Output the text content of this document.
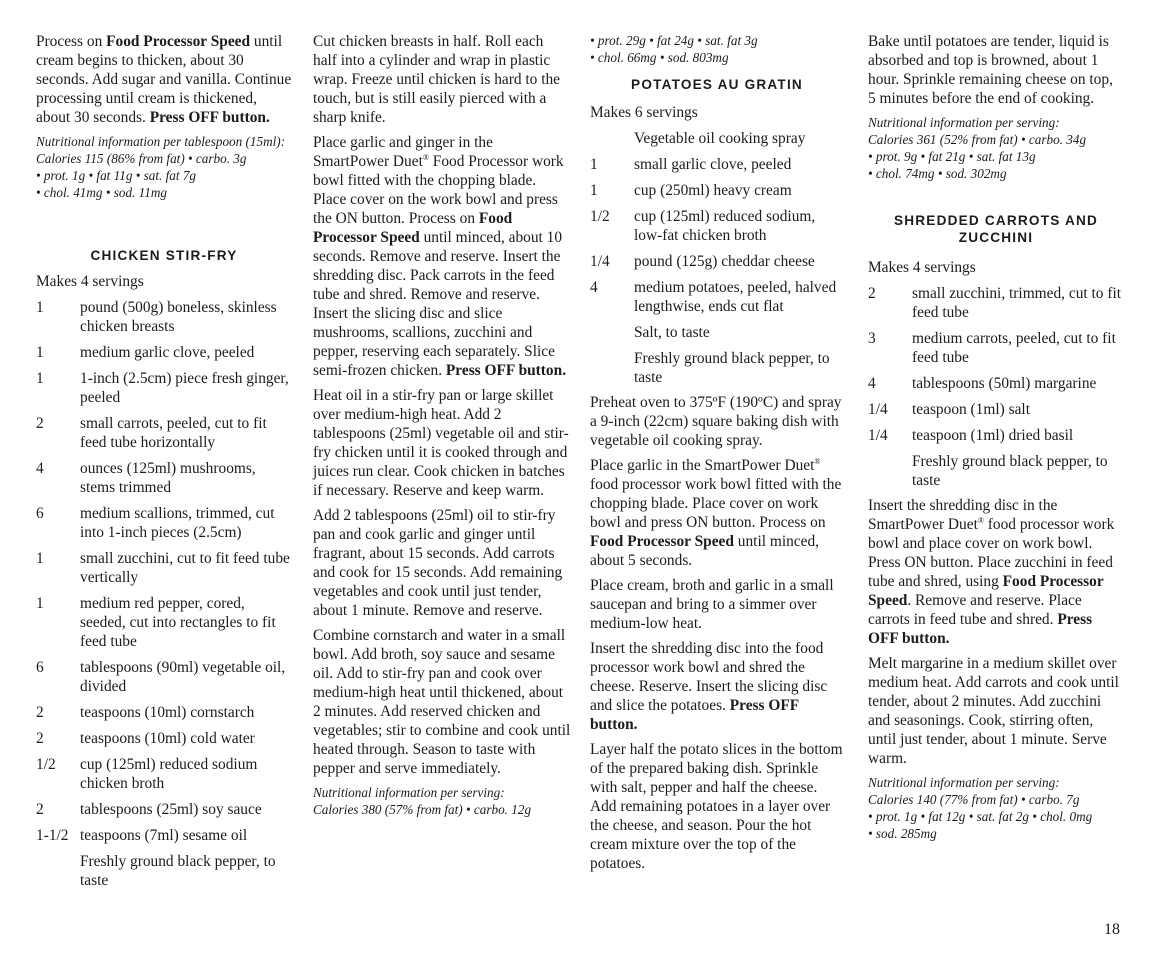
Process on Food Processor Speed until cream begins to thicken, about 30 seconds. Add sugar and vanilla. Continue processing until cream is thickened, about 30 seconds. Press OFF button.

Nutritional information per tablespoon (15ml):
Calories 115 (86% from fat) • carbo. 3g
• prot. 1g • fat 11g • sat. fat 7g
• chol. 41mg • sod. 11mg
CHICKEN STIR-FRY

Makes 4 servings

1	pound (500g) boneless, skinless chicken breasts
1	medium garlic clove, peeled
1	1-inch (2.5cm) piece fresh ginger, peeled
2	small carrots, peeled, cut to fit feed tube horizontally
4	ounces (125ml) mushrooms, stems trimmed
6	medium scallions, trimmed, cut into 1-inch pieces (2.5cm)
1	small zucchini, cut to fit feed tube vertically
1	medium red pepper, cored, seeded, cut into rectangles to fit feed tube
6	tablespoons (90ml) vegetable oil, divided
2	teaspoons (10ml) cornstarch
2	teaspoons (10ml) cold water
1/2	cup (125ml) reduced sodium chicken broth
2	tablespoons (25ml) soy sauce
1-1/2 teaspoons (7ml) sesame oil
Freshly ground black pepper, to taste

Cut chicken breasts in half. Roll each half into a cylinder and wrap in plastic wrap. Freeze until chicken is hard to the touch, but is still easily pierced with a sharp knife.

Place garlic and ginger in the SmartPower Duet® Food Processor work bowl fitted with the chopping blade. Place cover on the work bowl and press the ON button. Process on Food Processor Speed until minced, about 10 seconds. Remove and reserve. Insert the shredding disc. Pack carrots in the feed tube and shred. Remove and reserve. Insert the slicing disc and slice mushrooms, scallions, zucchini and pepper, reserving each separately. Slice semi-frozen chicken. Press OFF button.

Heat oil in a stir-fry pan or large skillet over medium-high heat. Add 2 tablespoons (25ml) vegetable oil and stir-fry chicken until it is cooked through and juices run clear. Cook chicken in batches if necessary. Reserve and keep warm.

Add 2 tablespoons (25ml) oil to stir-fry pan and cook garlic and ginger until fragrant, about 15 seconds. Add carrots and cook for 15 seconds. Add remaining vegetables and cook until just tender, about 1 minute. Remove and reserve.

Combine cornstarch and water in a small bowl. Add broth, soy sauce and sesame oil. Add to stir-fry pan and cook over medium-high heat until thickened, about 2 minutes. Add reserved chicken and vegetables; stir to combine and cook until heated through. Season to taste with pepper and serve immediately.

Nutritional information per serving:
Calories 380 (57% from fat) • carbo. 12g
• prot. 29g • fat 24g • sat. fat 3g
• chol. 66mg • sod. 803mg
POTATOES AU GRATIN

Makes 6 servings

Vegetable oil cooking spray
1	small garlic clove, peeled
1	cup (250ml) heavy cream
1/2	cup (125ml) reduced sodium, low-fat chicken broth
1/4	pound (125g) cheddar cheese
4	medium potatoes, peeled, halved lengthwise, ends cut flat
Salt, to taste
Freshly ground black pepper, to taste

Preheat oven to 375ºF (190ºC) and spray a 9-inch (22cm) square baking dish with vegetable oil cooking spray.

Place garlic in the SmartPower Duet® food processor work bowl fitted with the chopping blade. Place cover on work bowl and press ON button. Process on Food Processor Speed until minced, about 5 seconds.

Place cream, broth and garlic in a small saucepan and bring to a simmer over medium-low heat.

Insert the shredding disc into the food processor work bowl and shred the cheese. Reserve. Insert the slicing disc and slice the potatoes. Press OFF button.

Layer half the potato slices in the bottom of the prepared baking dish. Sprinkle with salt, pepper and half the cheese. Add remaining potatoes in a layer over the cheese, and season. Pour the hot cream mixture over the top of the potatoes.

Bake until potatoes are tender, liquid is absorbed and top is browned, about 1 hour. Sprinkle remaining cheese on top, 5 minutes before the end of cooking.

Nutritional information per serving:
Calories 361 (52% from fat) • carbo. 34g
• prot. 9g • fat 21g • sat. fat 13g
• chol. 74mg • sod. 302mg
SHREDDED CARROTS AND
ZUCCHINI

Makes 4 servings

2	small zucchini, trimmed, cut to fit feed tube
3	medium carrots, peeled, cut to fit feed tube
4	tablespoons (50ml) margarine
1/4	teaspoon (1ml) salt
1/4	teaspoon (1ml) dried basil
Freshly ground black pepper, to taste

Insert the shredding disc in the SmartPower Duet® food processor work bowl and place cover on work bowl. Press ON button. Place zucchini in feed tube and shred, using Food Processor Speed. Remove and reserve. Place carrots in feed tube and shred. Press OFF button.

Melt margarine in a medium skillet over medium heat. Add carrots and cook until tender, about 2 minutes. Add zucchini and seasonings. Cook, stirring often, until just tender, about 1 minute. Serve warm.

Nutritional information per serving:
Calories 140 (77% from fat) • carbo. 7g
• prot. 1g • fat 12g • sat. fat 2g • chol. 0mg
• sod. 285mg
18
